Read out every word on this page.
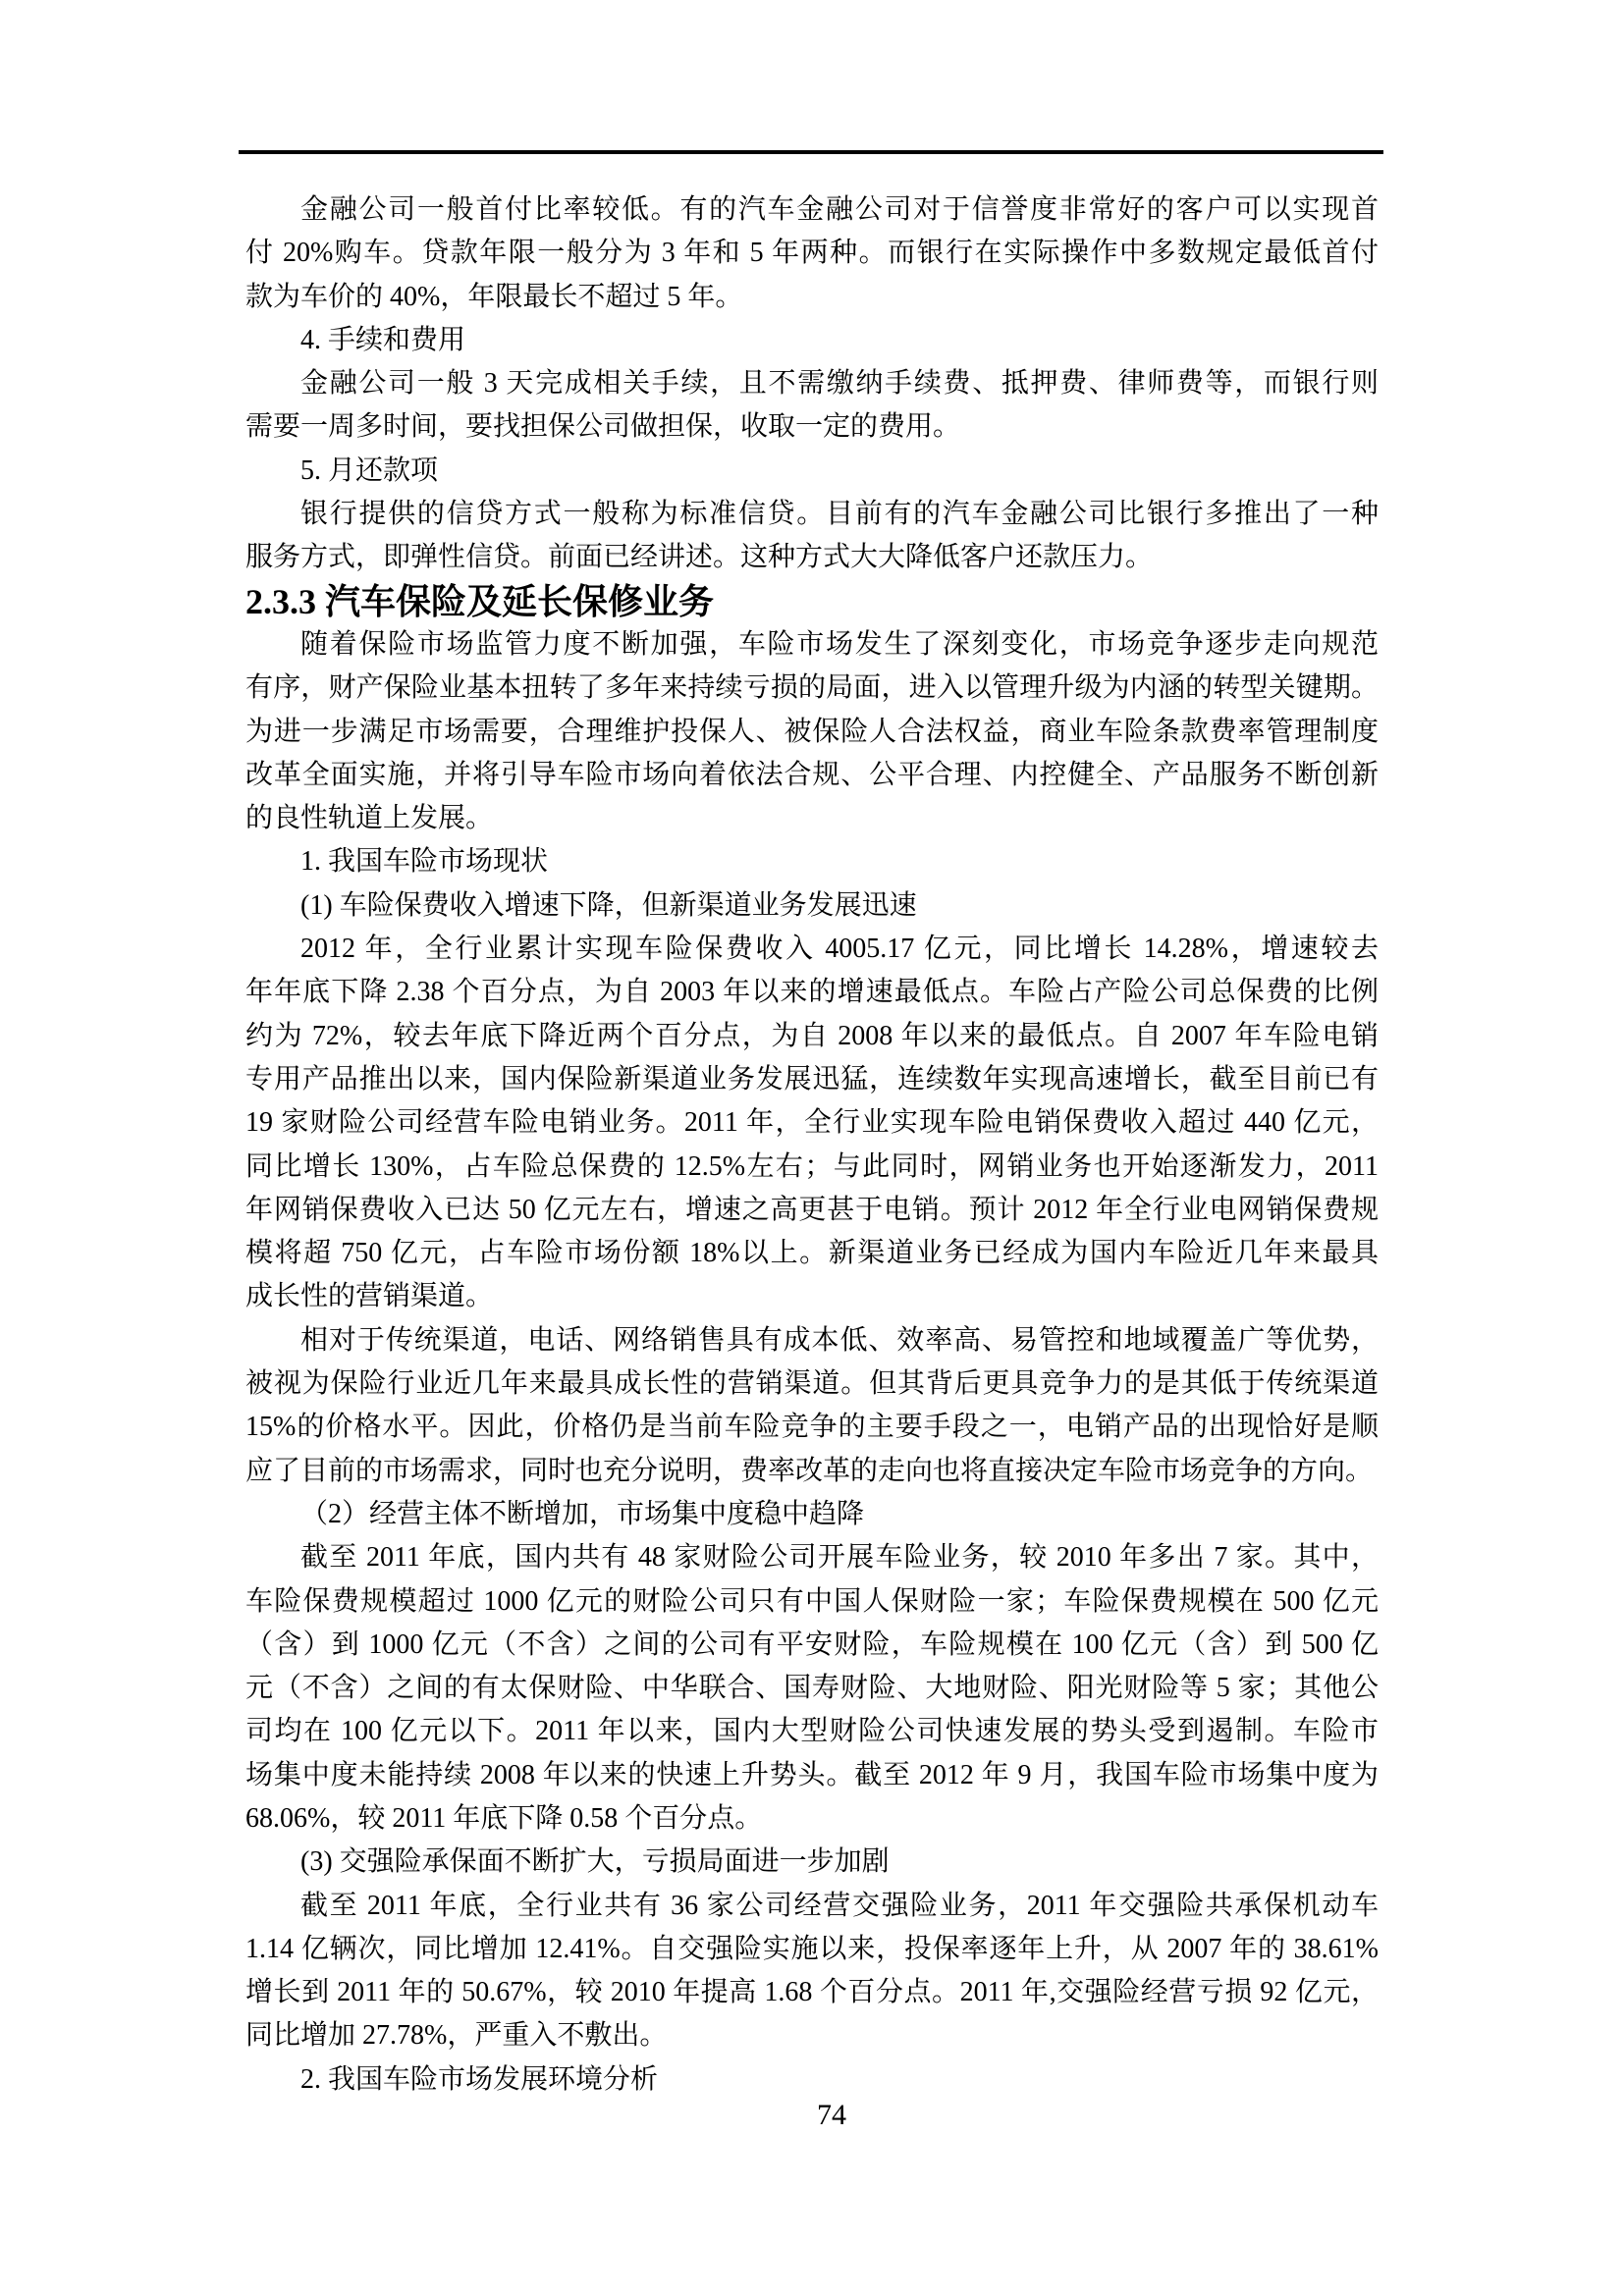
金融公司一般首付比率较低。有的汽车金融公司对于信誉度非常好的客户可以实现首
付 20%购车。贷款年限一般分为 3 年和 5 年两种。而银行在实际操作中多数规定最低首付
款为车价的 40%，年限最长不超过 5 年。
4. 手续和费用
金融公司一般 3 天完成相关手续，且不需缴纳手续费、抵押费、律师费等，而银行则
需要一周多时间，要找担保公司做担保，收取一定的费用。
5. 月还款项
银行提供的信贷方式一般称为标准信贷。目前有的汽车金融公司比银行多推出了一种
服务方式，即弹性信贷。前面已经讲述。这种方式大大降低客户还款压力。
2.3.3 汽车保险及延长保修业务
随着保险市场监管力度不断加强，车险市场发生了深刻变化，市场竞争逐步走向规范
有序，财产保险业基本扭转了多年来持续亏损的局面，进入以管理升级为内涵的转型关键期。
为进一步满足市场需要，合理维护投保人、被保险人合法权益，商业车险条款费率管理制度
改革全面实施，并将引导车险市场向着依法合规、公平合理、内控健全、产品服务不断创新
的良性轨道上发展。
1. 我国车险市场现状
(1) 车险保费收入增速下降，但新渠道业务发展迅速
2012 年，全行业累计实现车险保费收入 4005.17 亿元，同比增长 14.28%，增速较去
年年底下降 2.38 个百分点，为自 2003 年以来的增速最低点。车险占产险公司总保费的比例
约为 72%，较去年底下降近两个百分点，为自 2008 年以来的最低点。自 2007 年车险电销
专用产品推出以来，国内保险新渠道业务发展迅猛，连续数年实现高速增长，截至目前已有
19 家财险公司经营车险电销业务。2011 年，全行业实现车险电销保费收入超过 440 亿元，
同比增长 130%，占车险总保费的 12.5%左右；与此同时，网销业务也开始逐渐发力，2011
年网销保费收入已达 50 亿元左右，增速之高更甚于电销。预计 2012 年全行业电网销保费规
模将超 750 亿元，占车险市场份额 18%以上。新渠道业务已经成为国内车险近几年来最具
成长性的营销渠道。
相对于传统渠道，电话、网络销售具有成本低、效率高、易管控和地域覆盖广等优势，
被视为保险行业近几年来最具成长性的营销渠道。但其背后更具竞争力的是其低于传统渠道
15%的价格水平。因此，价格仍是当前车险竞争的主要手段之一，电销产品的出现恰好是顺
应了目前的市场需求，同时也充分说明，费率改革的走向也将直接决定车险市场竞争的方向。
（2）经营主体不断增加，市场集中度稳中趋降
截至 2011 年底，国内共有 48 家财险公司开展车险业务，较 2010 年多出 7 家。其中，
车险保费规模超过 1000 亿元的财险公司只有中国人保财险一家；车险保费规模在 500 亿元
（含）到 1000 亿元（不含）之间的公司有平安财险，车险规模在 100 亿元（含）到 500 亿
元（不含）之间的有太保财险、中华联合、国寿财险、大地财险、阳光财险等 5 家；其他公
司均在 100 亿元以下。2011 年以来，国内大型财险公司快速发展的势头受到遏制。车险市
场集中度未能持续 2008 年以来的快速上升势头。截至 2012 年 9 月，我国车险市场集中度为
68.06%，较 2011 年底下降 0.58 个百分点。
(3) 交强险承保面不断扩大，亏损局面进一步加剧
截至 2011 年底，全行业共有 36 家公司经营交强险业务，2011 年交强险共承保机动车
1.14 亿辆次，同比增加 12.41%。自交强险实施以来，投保率逐年上升，从 2007 年的 38.61%
增长到 2011 年的 50.67%，较 2010 年提高 1.68 个百分点。2011 年,交强险经营亏损 92 亿元，
同比增加 27.78%，严重入不敷出。
2. 我国车险市场发展环境分析
74
